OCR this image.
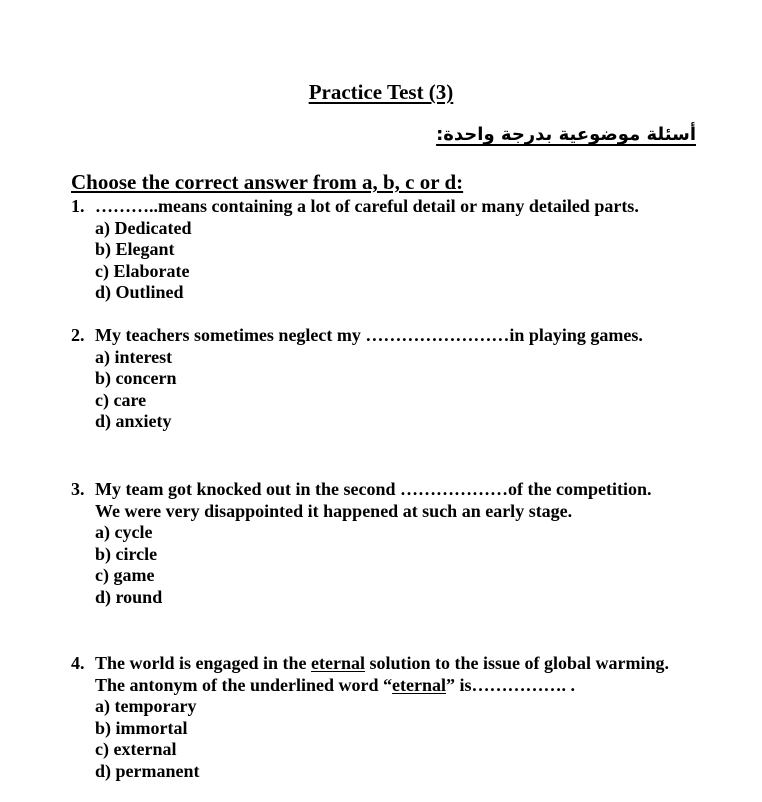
Practice Test (3)
أسئلة موضوعية بدرجة واحدة:
Choose the correct answer from a, b, c or d:
1. ………..means containing a lot of careful detail or many detailed parts.
a) Dedicated
b) Elegant
c) Elaborate
d) Outlined
2. My teachers sometimes neglect my ……………………in playing games.
a) interest
b) concern
c) care
d) anxiety
3. My team got knocked out in the second ………………of the competition.
We were very disappointed it happened at such an early stage.
a) cycle
b) circle
c) game
d) round
4. The world is engaged in the eternal solution to the issue of global warming.
The antonym of the underlined word “eternal” is……………. .
a) temporary
b) immortal
c) external
d) permanent
